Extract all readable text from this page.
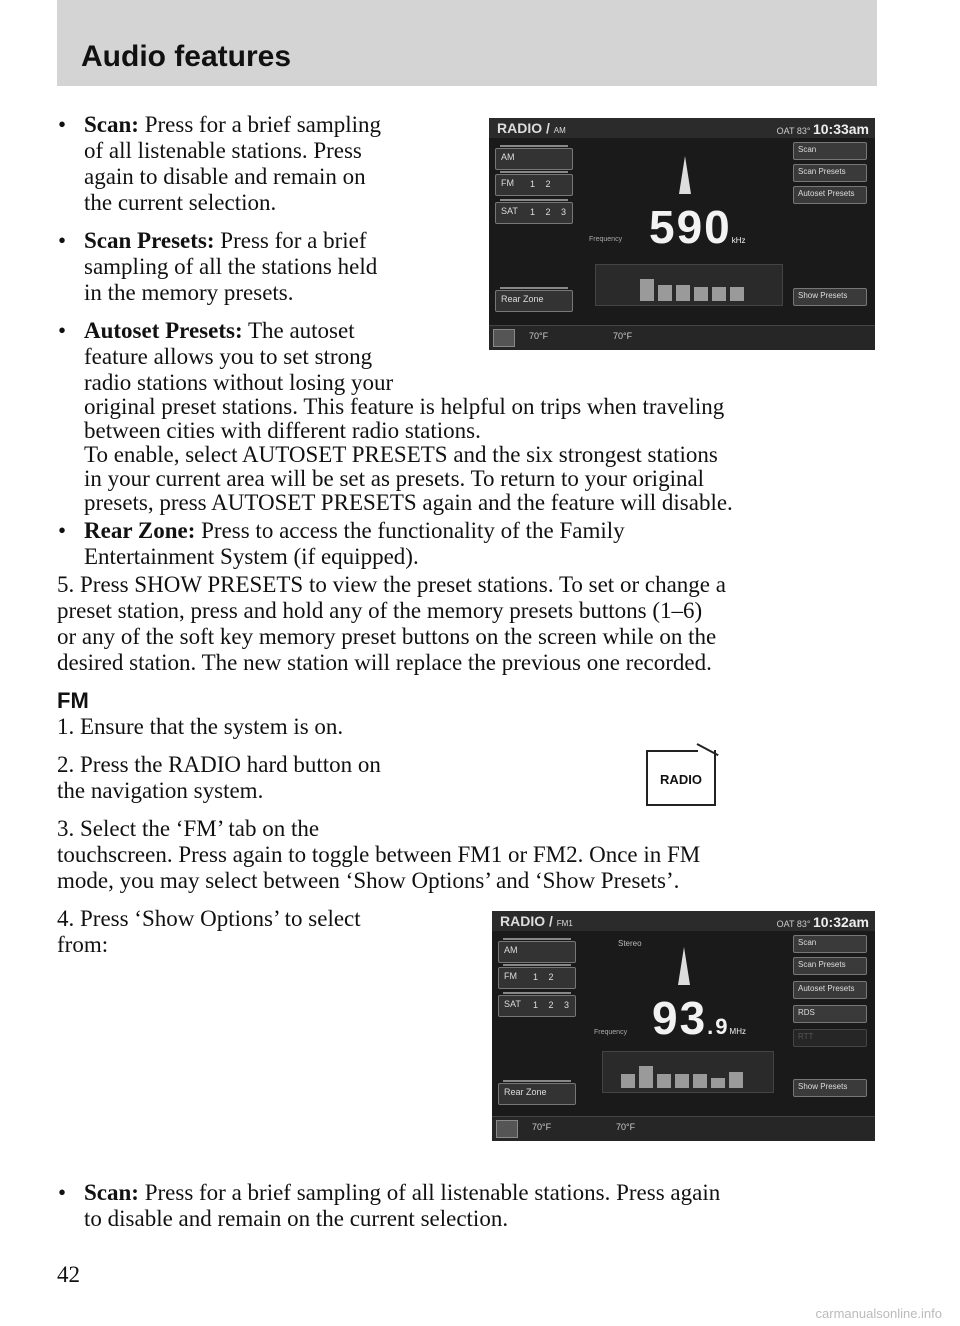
Audio features
• Scan: Press for a brief sampling

of all listenable stations. Press

again to disable and remain on

the current selection.

• Scan Presets: Press for a brief

sampling of all the stations held

in the memory presets.

• Autoset Presets: The autoset

feature allows you to set strong

radio stations without losing your

original preset stations. This feature is helpful on trips when traveling

between cities with different radio stations.

To enable, select AUTOSET PRESETS and the six strongest stations

in your current area will be set as presets. To return to your original

presets, press AUTOSET PRESETS again and the feature will disable.

• Rear Zone: Press to access the functionality of the Family

Entertainment System (if equipped).

5. Press SHOW PRESETS to view the preset stations. To set or change a

preset station, press and hold any of the memory presets buttons (1–6)

or any of the soft key memory preset buttons on the screen while on the

desired station. The new station will replace the previous one recorded.

FM

1. Ensure that the system is on.

2. Press the RADIO hard button on

the navigation system.

3. Select the ‘FM’ tab on the

touchscreen. Press again to toggle between FM1 or FM2. Once in FM

mode, you may select between ‘Show Options’ and ‘Show Presets’.

4. Press ‘Show Options’ to select

from:

RADIO
• Scan: Press for a brief sampling of all listenable stations. Press again

to disable and remain on the current selection.

42
carmanualsonline.info
RADIO / AM	OAT 83° 10:33am
AM
FM 1 2
SAT 1 2 3
Rear Zone
Frequency 590kHz
Scan
Scan Presets
Autoset Presets
Show Presets
70°F	70°F
RADIO / FM1	OAT 83° 10:32am
AM
FM 1 2
SAT 1 2 3
Rear Zone
Stereo
Frequency 93.9MHz
Scan
Scan Presets
Autoset Presets
RDS
RTT
Show Presets
70°F	70°F
